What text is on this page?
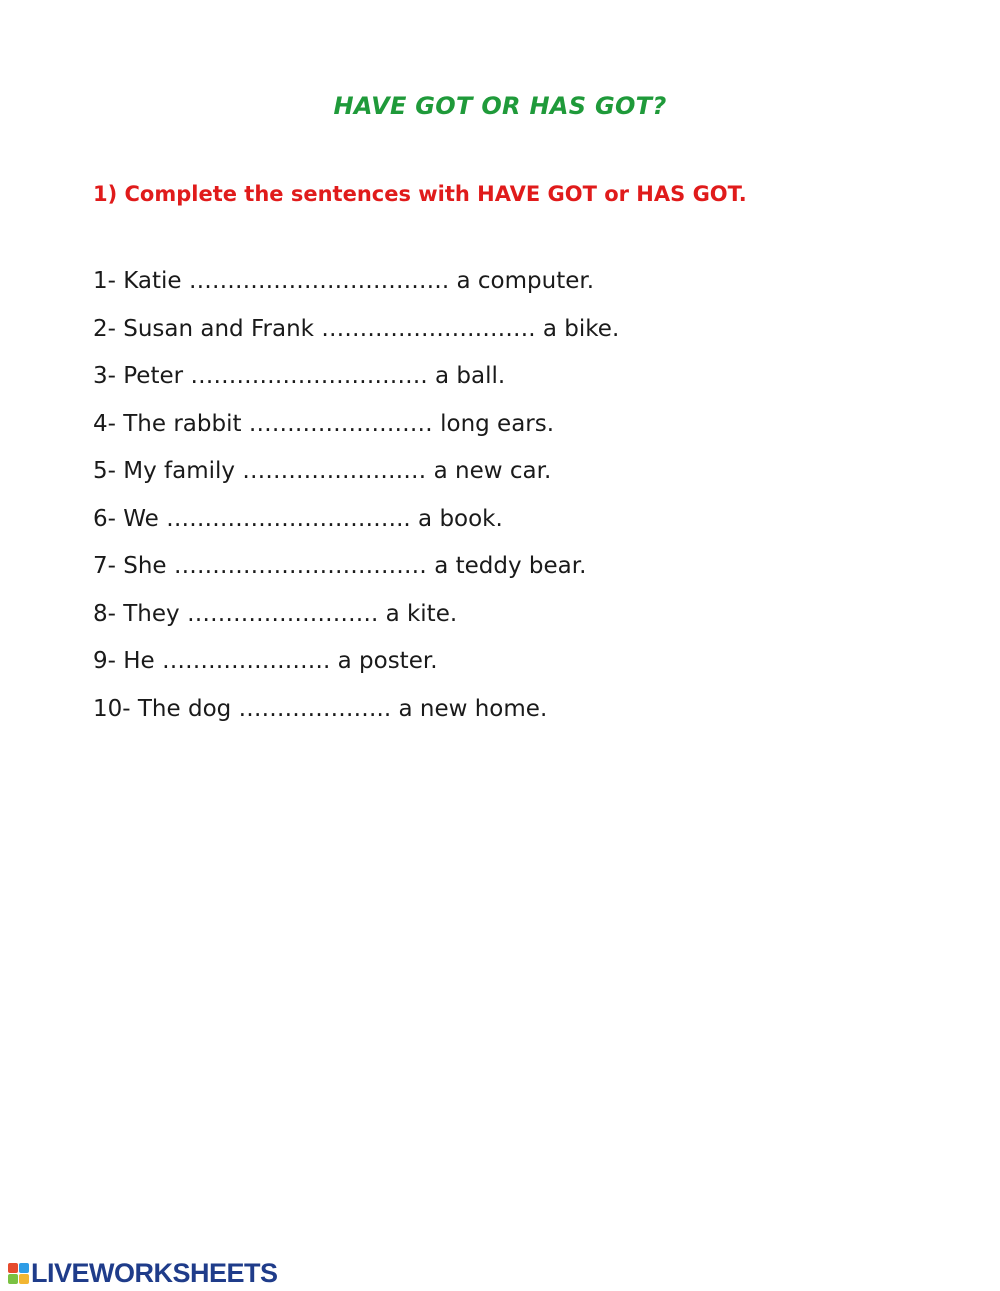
HAVE GOT OR HAS GOT?

1) Complete the sentences with HAVE GOT or HAS GOT.

1- Katie ……………………………. a computer.
2- Susan and Frank ………………………. a bike.
3- Peter …………………………. a ball.
4- The rabbit …………………… long ears.
5- My family …………………… a new car.
6- We ………………………….. a book.
7- She …………………………… a teddy bear.
8- They ……………………. a kite.
9- He …………………. a poster.
10- The dog ……………….. a new home.
LIVEWORKSHEETS
